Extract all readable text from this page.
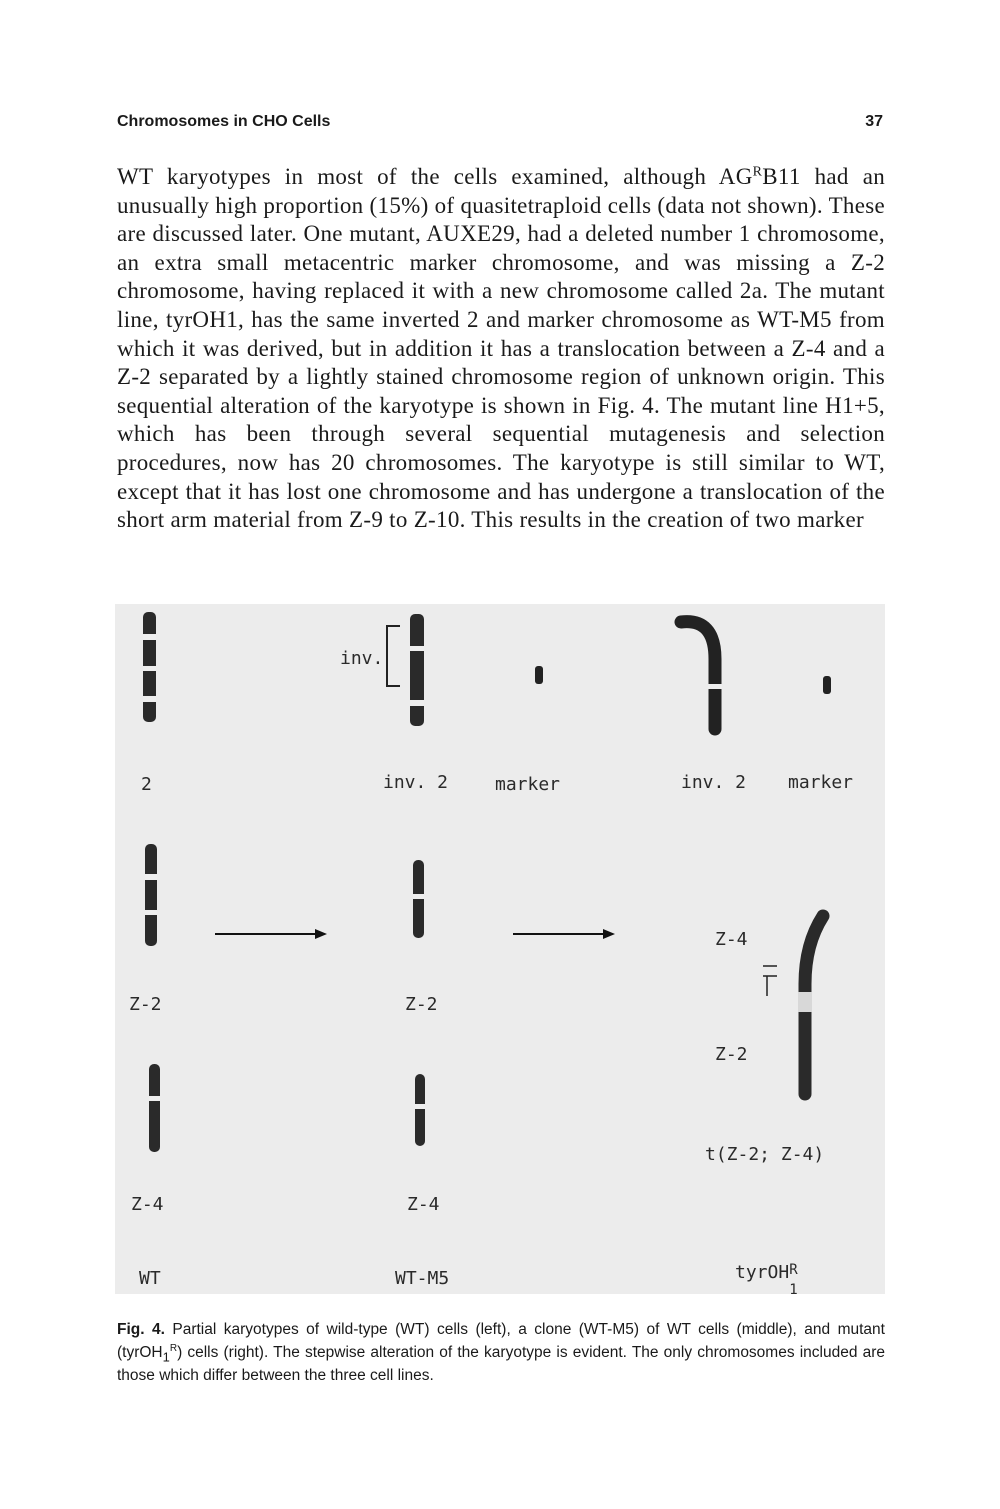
Chromosomes in CHO Cells	37
WT karyotypes in most of the cells examined, although $AG^RB11$ had an unusually high proportion (15%) of quasitetraploid cells (data not shown). These are discussed later. One mutant, AUXE29, had a deleted number 1 chromosome, an extra small metacentric marker chromosome, and was missing a Z-2 chromosome, having replaced it with a new chromosome called 2a. The mutant line, tyrOH1, has the same inverted 2 and marker chromosome as WT-M5 from which it was derived, but in addition it has a translocation between a Z-4 and a Z-2 separated by a lightly stained chromosome region of unknown origin. This sequential alteration of the karyotype is shown in Fig. 4. The mutant line H1+5, which has been through several sequential mutagenesis and selection procedures, now has 20 chromosomes. The karyotype is still similar to WT, except that it has lost one chromosome and has undergone a translocation of the short arm material from Z-9 to Z-10. This results in the creation of two marker
inv.
2	inv. 2	marker	inv. 2 marker
Z-2	Z-2
Z-4
Z-2
t(Z-2; Z-4)
Z-4	Z-4
WT	WT-M5	tyrOH R
1
Fig. 4. Partial karyotypes of wild-type (WT) cells (left), a clone (WT-M5) of WT cells (middle), and mutant (tyrOH$_1^R$) cells (right). The stepwise alteration of the karyotype is evident. The only chromosomes included are those which differ between the three cell lines.
